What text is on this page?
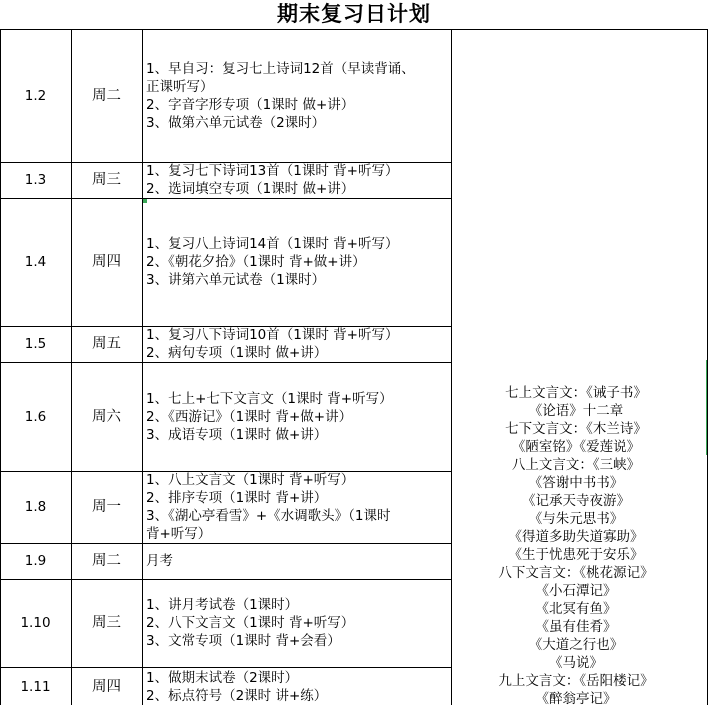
期末复习日计划
七上文言文：《诫子书》
《论语》十二章
七下文言文：《木兰诗》
《陋室铭》《爱莲说》
八上文言文：《三峡》
《答谢中书书》
《记承天寺夜游》
《与朱元思书》
《得道多助失道寡助》
《生于忧患死于安乐》
八下文言文：《桃花源记》
《小石潭记》
《北冥有鱼》
《虽有佳肴》
《大道之行也》
《马说》
九上文言文：《岳阳楼记》
《醉翁亭记》
1.2	周二
1、早自习：复习七上诗词12首（早读背诵、
正课听写）
2、字音字形专项（1课时 做+讲）
3、做第六单元试卷（2课时）
1.3	周三
1、复习七下诗词13首（1课时 背+听写）
2、选词填空专项（1课时 做+讲）
1.4	周四
1、复习八上诗词14首（1课时 背+听写）
2、《朝花夕拾》（1课时 背+做+讲）
3、讲第六单元试卷（1课时）
1.5	周五
1、复习八下诗词10首（1课时 背+听写）
2、病句专项（1课时 做+讲）
1.6	周六
1、七上+七下文言文（1课时 背+听写）
2、《西游记》（1课时 背+做+讲）
3、成语专项（1课时 做+讲）
1.8	周一
1、八上文言文（1课时 背+听写）
2、排序专项（1课时 背+讲）
3、《湖心亭看雪》+《水调歌头》（1课时
背+听写）
1.9	周二	月考
1.10	周三
1、讲月考试卷（1课时）
2、八下文言文（1课时 背+听写）
3、文常专项（1课时 背+会看）
1.11	周四
1、做期末试卷（2课时）
2、标点符号（2课时 讲+练）
